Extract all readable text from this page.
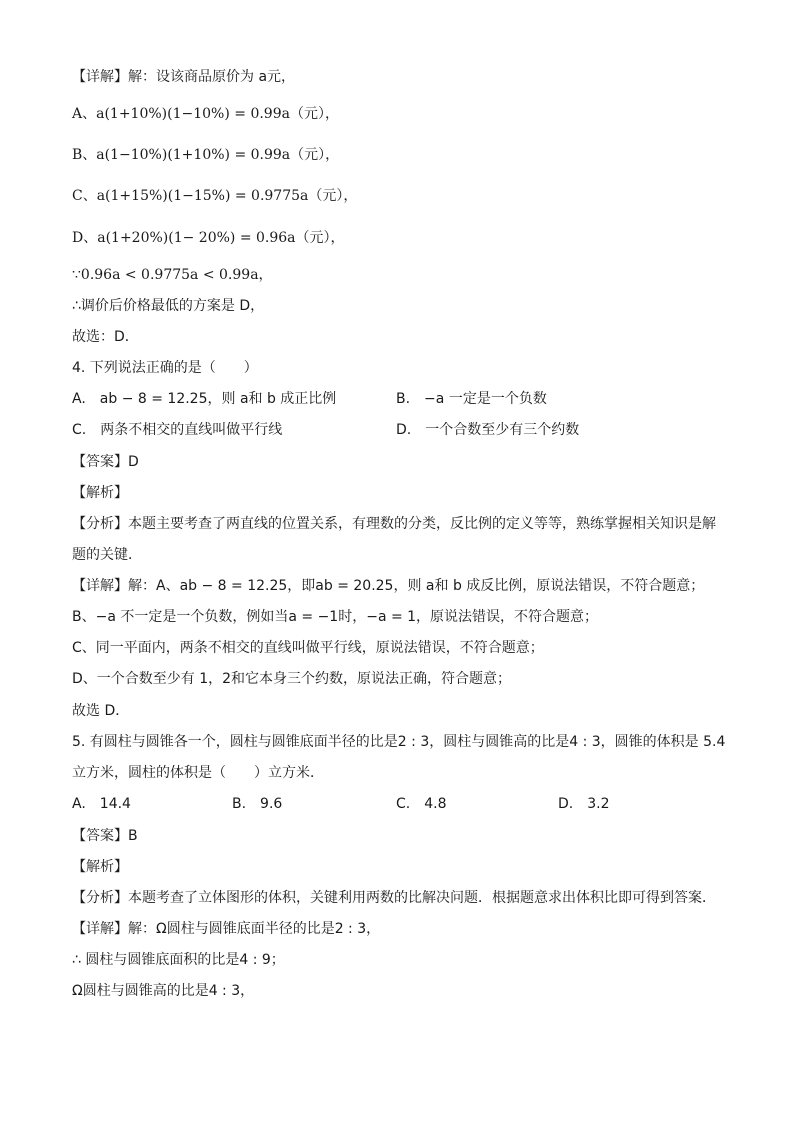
【详解】解：设该商品原价为 a元，
A、a(1+10%)(1−10%) = 0.99a（元），
B、a(1−10%)(1+10%) = 0.99a（元），
C、a(1+15%)(1−15%) = 0.9775a（元），
D、a(1+20%)(1− 20%) = 0.96a（元），
∵0.96a < 0.9775a < 0.99a，
∴调价后价格最低的方案是 D，
故选：D．
4. 下列说法正确的是（　　）
A.　ab − 8 = 12.25，则 a和 b 成正比例	B.　−a 一定是一个负数
C.　两条不相交的直线叫做平行线	D.　一个合数至少有三个约数
【答案】D
【解析】
【分析】本题主要考查了两直线的位置关系，有理数的分类，反比例的定义等等，熟练掌握相关知识是解
题的关键．
【详解】解：A、ab − 8 = 12.25，即ab = 20.25，则 a和 b 成反比例，原说法错误，不符合题意；
B、−a 不一定是一个负数，例如当a = −1时，−a = 1，原说法错误，不符合题意；
C、同一平面内，两条不相交的直线叫做平行线，原说法错误，不符合题意；
D、一个合数至少有 1，2和它本身三个约数，原说法正确，符合题意；
故选 D．
5. 有圆柱与圆锥各一个，圆柱与圆锥底面半径的比是2 : 3，圆柱与圆锥高的比是4 : 3，圆锥的体积是 5.4
立方米，圆柱的体积是（　　）立方米．
A.　14.4	B.　9.6	C.　4.8	D.　3.2
【答案】B
【解析】
【分析】本题考查了立体图形的体积，关键利用两数的比解决问题．根据题意求出体积比即可得到答案．
【详解】解：Ω圆柱与圆锥底面半径的比是2 : 3，
∴ 圆柱与圆锥底面积的比是4 : 9；
Ω圆柱与圆锥高的比是4 : 3，
